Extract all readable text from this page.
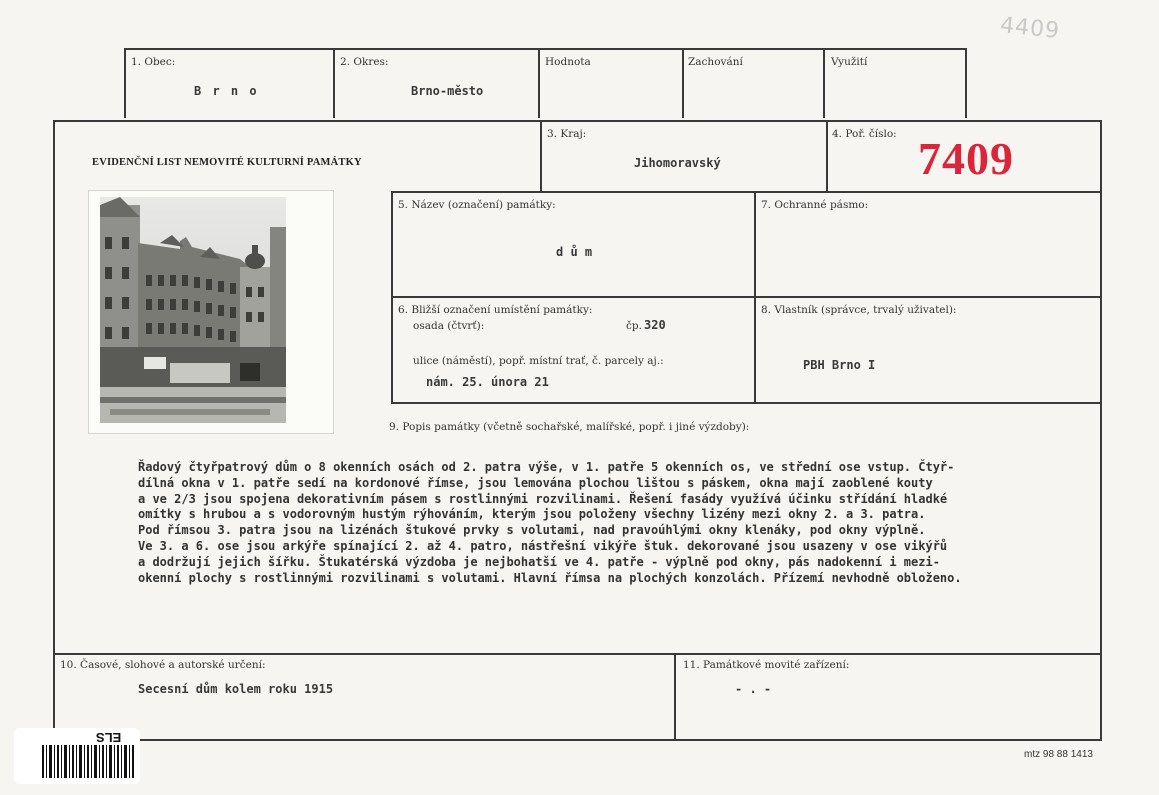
4409
1. Obec:
B r n o
2. Okres:
Brno-město
Hodnota	Zachování	Využití
EVIDENČNÍ LIST NEMOVITÉ KULTURNÍ PAMÁTKY
3. Kraj:
Jihomoravský
4. Poř. číslo: 7409
5. Název (označení) památky:
d ů m
7. Ochranné pásmo:
6. Bližší označení umístění památky:
osada (čtvrť):	čp. 320
ulice (náměstí), popř. místní trať, č. parcely aj.:
nám. 25. února 21
8. Vlastník (správce, trvalý uživatel):
PBH Brno I
9. Popis památky (včetně sochařské, malířské, popř. i jiné výzdoby):
Řadový čtyřpatrový dům o 8 okenních osách od 2. patra výše, v 1. patře 5 okenních os, ve střední ose vstup. Čtyř-
dílná okna v 1. patře sedí na kordonové římse, jsou lemována plochou lištou s páskem, okna mají zaoblené kouty
a ve 2/3 jsou spojena dekorativním pásem s rostlinnými rozvilinami. Řešení fasády využívá účinku střídání hladké
omítky s hrubou a s vodorovným hustým rýhováním, kterým jsou položeny všechny lizény mezi okny 2. a 3. patra.
Pod římsou 3. patra jsou na lizénách štukové prvky s volutami, nad pravoúhlými okny klenáky, pod okny výplně.
Ve 3. a 6. ose jsou arkýře spínající 2. až 4. patro, nástřešní vikýře štuk. dekorované jsou usazeny v ose vikýřů
a dodržují jejich šířku. Štukatérská výzdoba je nejbohatší ve 4. patře - výplně pod okny, pás nadokenní i mezi-
okenní plochy s rostlinnými rozvilinami s volutami. Hlavní římsa na plochých konzolách. Přízemí nevhodně obloženo.
10. Časové, slohové a autorské určení:
Secesní dům kolem roku 1915
11. Památkové movité zařízení:
- . -
ELS
mtz 98 88 1413
